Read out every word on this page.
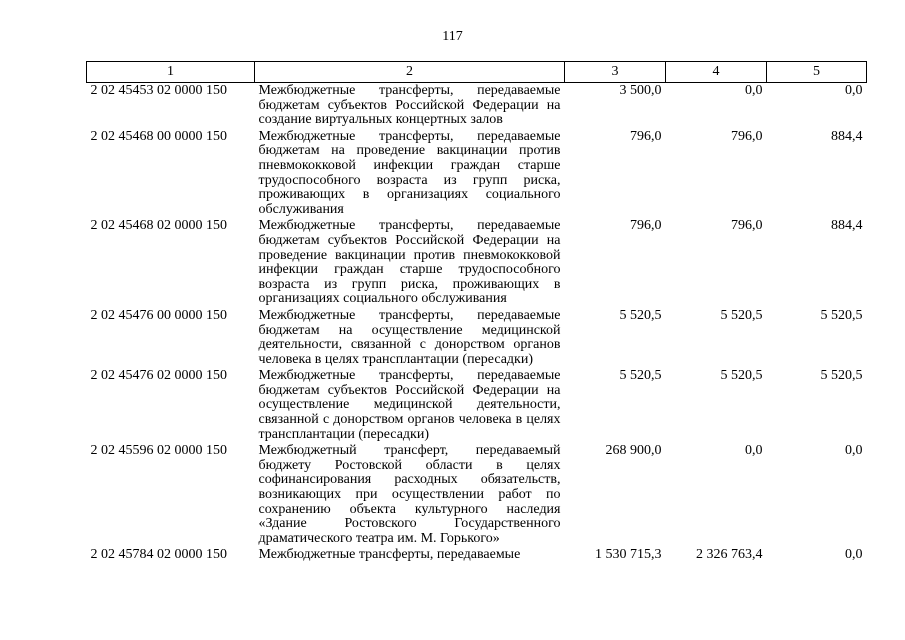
117
1	2	3	4	5
2 02 45453 02 0000 150	Межбюджетные трансферты, передаваемые бюджетам субъектов Российской Федерации на создание виртуальных концертных залов	3 500,0	0,0	0,0
2 02 45468 00 0000 150	Межбюджетные трансферты, передаваемые бюджетам на проведение вакцинации против пневмококковой инфекции граждан старше трудоспособного возраста из групп риска, проживающих в организациях социального обслуживания	796,0	796,0	884,4
2 02 45468 02 0000 150	Межбюджетные трансферты, передаваемые бюджетам субъектов Российской Федерации на проведение вакцинации против пневмококковой инфекции граждан старше трудоспособного возраста из групп риска, проживающих в организациях социального обслуживания	796,0	796,0	884,4
2 02 45476 00 0000 150	Межбюджетные трансферты, передаваемые бюджетам на осуществление медицинской деятельности, связанной с донорством органов человека в целях трансплантации (пересадки)	5 520,5	5 520,5	5 520,5
2 02 45476 02 0000 150	Межбюджетные трансферты, передаваемые бюджетам субъектов Российской Федерации на осуществление медицинской деятельности, связанной с донорством органов человека в целях трансплантации (пересадки)	5 520,5	5 520,5	5 520,5
2 02 45596 02 0000 150	Межбюджетный трансферт, передаваемый бюджету Ростовской области в целях софинансирования расходных обязательств, возникающих при осуществлении работ по сохранению объекта культурного наследия «Здание Ростовского Государственного драматического театра им. М. Горького»	268 900,0	0,0	0,0
2 02 45784 02 0000 150	Межбюджетные трансферты, передаваемые	1 530 715,3	2 326 763,4	0,0
